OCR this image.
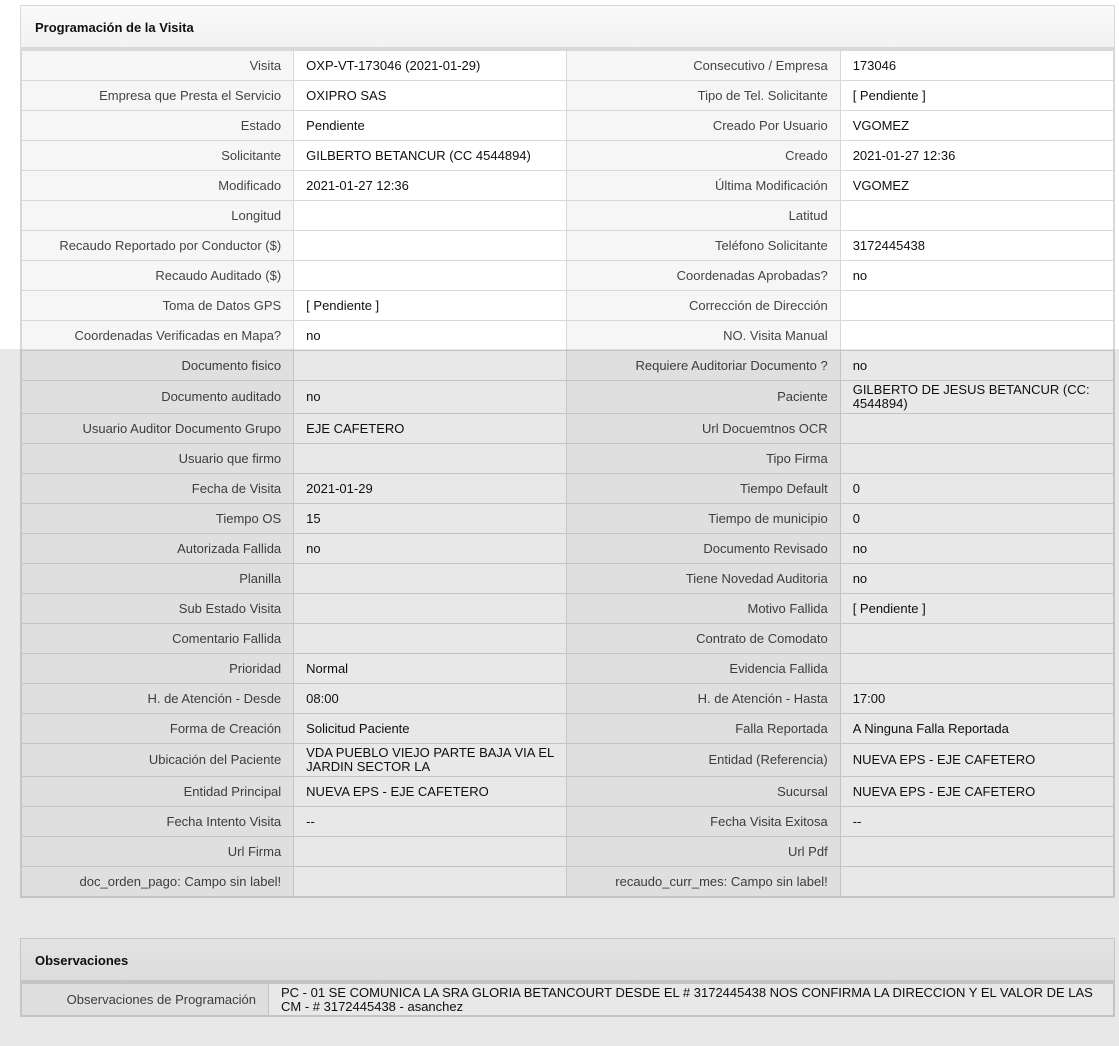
Programación de la Visita
Visita	OXP-VT-173046 (2021-01-29)	Consecutivo / Empresa	173046
Empresa que Presta el Servicio	OXIPRO SAS	Tipo de Tel. Solicitante	[ Pendiente ]
Estado	Pendiente	Creado Por Usuario	VGOMEZ
Solicitante	GILBERTO BETANCUR (CC 4544894)	Creado	2021-01-27 12:36
Modificado	2021-01-27 12:36	Última Modificación	VGOMEZ
Longitud		Latitud	
Recaudo Reportado por Conductor ($)		Teléfono Solicitante	3172445438
Recaudo Auditado ($)		Coordenadas Aprobadas?	no
Toma de Datos GPS	[ Pendiente ]	Corrección de Dirección	
Coordenadas Verificadas en Mapa?	no	NO. Visita Manual	
Documento fisico		Requiere Auditoriar Documento ?	no
Documento auditado	no	Paciente	GILBERTO DE JESUS BETANCUR (CC: 4544894)
Usuario Auditor Documento Grupo	EJE CAFETERO	Url Docuemtnos OCR	
Usuario que firmo		Tipo Firma	
Fecha de Visita	2021-01-29	Tiempo Default	0
Tiempo OS	15	Tiempo de municipio	0
Autorizada Fallida	no	Documento Revisado	no
Planilla		Tiene Novedad Auditoria	no
Sub Estado Visita		Motivo Fallida	[ Pendiente ]
Comentario Fallida		Contrato de Comodato	
Prioridad	Normal	Evidencia Fallida	
H. de Atención - Desde	08:00	H. de Atención - Hasta	17:00
Forma de Creación	Solicitud Paciente	Falla Reportada	A Ninguna Falla Reportada
Ubicación del Paciente	VDA PUEBLO VIEJO PARTE BAJA VIA EL JARDIN SECTOR LA	Entidad (Referencia)	NUEVA EPS - EJE CAFETERO
Entidad Principal	NUEVA EPS - EJE CAFETERO	Sucursal	NUEVA EPS - EJE CAFETERO
Fecha Intento Visita	--	Fecha Visita Exitosa	--
Url Firma		Url Pdf	
doc_orden_pago: Campo sin label!		recaudo_curr_mes: Campo sin label!	
Observaciones
Observaciones de Programación	PC - 01 SE COMUNICA LA SRA GLORIA BETANCOURT DESDE EL # 3172445438 NOS CONFIRMA LA DIRECCION Y EL VALOR DE LAS CM - # 3172445438 - asanchez
